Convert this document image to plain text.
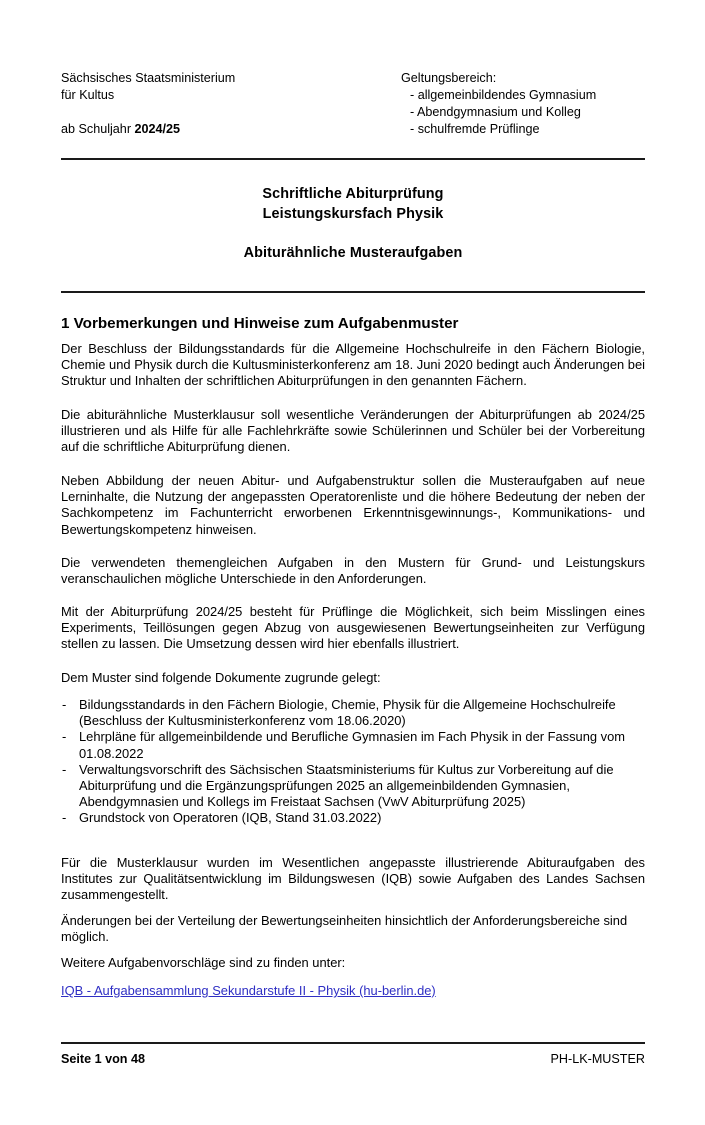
Sächsisches Staatsministerium
für Kultus
ab Schuljahr 2024/25
Geltungsbereich:
- allgemeinbildendes Gymnasium
- Abendgymnasium und Kolleg
- schulfremde Prüflinge
Schriftliche Abiturprüfung
Leistungskursfach Physik
Abiturähnliche Musteraufgaben
1 Vorbemerkungen und Hinweise zum Aufgabenmuster
Der Beschluss der Bildungsstandards für die Allgemeine Hochschulreife in den Fächern Biologie, Chemie und Physik durch die Kultusministerkonferenz am 18. Juni 2020 bedingt auch Änderungen bei Struktur und Inhalten der schriftlichen Abiturprüfungen in den genannten Fächern.
Die abiturähnliche Musterklausur soll wesentliche Veränderungen der Abiturprüfungen ab 2024/25 illustrieren und als Hilfe für alle Fachlehrkräfte sowie Schülerinnen und Schüler bei der Vorbereitung auf die schriftliche Abiturprüfung dienen.
Neben Abbildung der neuen Abitur- und Aufgabenstruktur sollen die Musteraufgaben auf neue Lerninhalte, die Nutzung der angepassten Operatorenliste und die höhere Bedeutung der neben der Sachkompetenz im Fachunterricht erworbenen Erkenntnisgewinnungs-, Kommunikations- und Bewertungskompetenz hinweisen.
Die verwendeten themengleichen Aufgaben in den Mustern für Grund- und Leistungskurs veranschaulichen mögliche Unterschiede in den Anforderungen.
Mit der Abiturprüfung 2024/25 besteht für Prüflinge die Möglichkeit, sich beim Misslingen eines Experiments, Teillösungen gegen Abzug von ausgewiesenen Bewertungseinheiten zur Verfügung stellen zu lassen. Die Umsetzung dessen wird hier ebenfalls illustriert.
Dem Muster sind folgende Dokumente zugrunde gelegt:
- Bildungsstandards in den Fächern Biologie, Chemie, Physik für die Allgemeine Hochschulreife (Beschluss der Kultusministerkonferenz vom 18.06.2020)
- Lehrpläne für allgemeinbildende und Berufliche Gymnasien im Fach Physik in der Fassung vom 01.08.2022
- Verwaltungsvorschrift des Sächsischen Staatsministeriums für Kultus zur Vorbereitung auf die Abiturprüfung und die Ergänzungsprüfungen 2025 an allgemeinbildenden Gymnasien, Abendgymnasien und Kollegs im Freistaat Sachsen (VwV Abiturprüfung 2025)
- Grundstock von Operatoren (IQB, Stand 31.03.2022)
Für die Musterklausur wurden im Wesentlichen angepasste illustrierende Abituraufgaben des Institutes zur Qualitätsentwicklung im Bildungswesen (IQB) sowie Aufgaben des Landes Sachsen zusammengestellt.
Änderungen bei der Verteilung der Bewertungseinheiten hinsichtlich der Anforderungsbereiche sind möglich.
Weitere Aufgabenvorschläge sind zu finden unter:
IQB - Aufgabensammlung Sekundarstufe II - Physik (hu-berlin.de)
Seite 1 von 48	PH-LK-MUSTER
